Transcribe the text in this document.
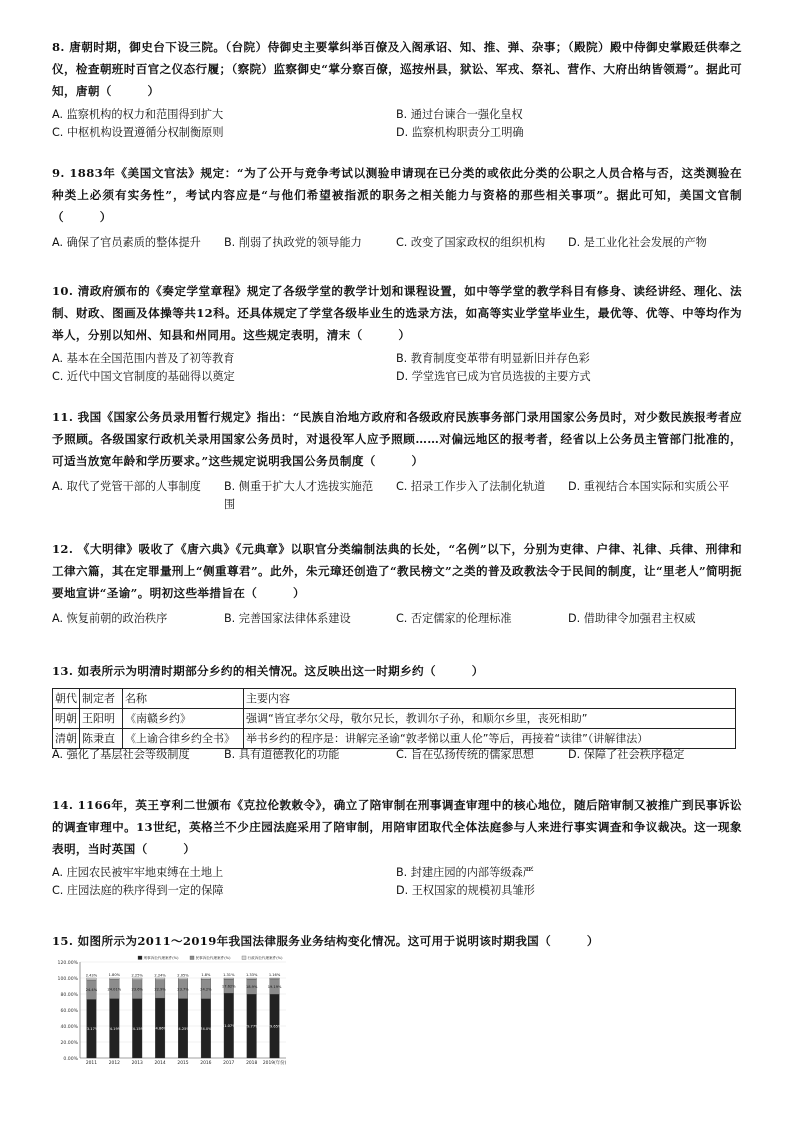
8. 唐朝时期，御史台下设三院。（台院）侍御史主要掌纠举百僚及入阁承诏、知、推、弹、杂事；（殿院）殿中侍御史掌殿廷供奉之仪，检查朝班时百官之仪态行履；（察院）监察御史“掌分察百僚，巡按州县，狱讼、军戎、祭礼、营作、大府出纳皆领焉”。据此可知，唐朝（　　　）

A. 监察机构的权力和范围得到扩大	B. 通过台谏合一强化皇权
C. 中枢机构设置遵循分权制衡原则	D. 监察机构职责分工明确

9. 1883年《美国文官法》规定：“为了公开与竞争考试以测验申请现在已分类的或依此分类的公职之人员合格与否，这类测验在种类上必须有实务性”，考试内容应是“与他们希望被指派的职务之相关能力与资格的那些相关事项”。据此可知，美国文官制（　　　）

A. 确保了官员素质的整体提升 B. 削弱了执政党的领导能力	C. 改变了国家政权的组织机构 D. 是工业化社会发展的产物

10. 清政府颁布的《奏定学堂章程》规定了各级学堂的教学计划和课程设置，如中等学堂的教学科目有修身、读经讲经、理化、法制、财政、图画及体操等共12科。还具体规定了学堂各级毕业生的选录方法，如高等实业学堂毕业生，最优等、优等、中等均作为举人，分别以知州、知县和州同用。这些规定表明，清末（　　　）

A. 基本在全国范围内普及了初等教育	B. 教育制度变革带有明显新旧并存色彩
C. 近代中国文官制度的基础得以奠定	D. 学堂选官已成为官员选拔的主要方式

11. 我国《国家公务员录用暂行规定》指出：“民族自治地方政府和各级政府民族事务部门录用国家公务员时，对少数民族报考者应予照顾。各级国家行政机关录用国家公务员时，对退役军人应予照顾……对偏远地区的报考者，经省以上公务员主管部门批准的，可适当放宽年龄和学历要求。”这些规定说明我国公务员制度（　　　）

A. 取代了党管干部的人事制度 B. 侧重于扩大人才选拔实施范围
C. 招录工作步入了法制化轨道 D. 重视结合本国实际和实质公平

12. 《大明律》吸收了《唐六典》《元典章》以职官分类编制法典的长处，“名例”以下，分别为吏律、户律、礼律、兵律、刑律和工律六篇，其在定罪量刑上“侧重尊君”。此外，朱元璋还创造了“教民榜文”之类的普及政教法令于民间的制度，让“里老人”简明扼要地宣讲“圣谕”。明初这些举措旨在（　　　）

A. 恢复前朝的政治秩序	B. 完善国家法律体系建设	C. 否定儒家的伦理标准	D. 借助律令加强君主权威

13. 如表所示为明清时期部分乡约的相关情况。这反映出这一时期乡约（　　　）

朝代	制定者	名称	主要内容
明朝	王阳明	《南赣乡约》	强调“皆宜孝尔父母，敬尔兄长，教训尔子孙，和顺尔乡里，丧死相助”
清朝	陈秉直	《上谕合律乡约全书》	举书乡约的程序是：讲解完圣谕“敦孝悌以重人伦”等后，再接着“读律”（讲解律法）
A. 强化了基层社会等级制度	B. 具有道德教化的功能	C. 旨在弘扬传统的儒家思想	D. 保障了社会秩序稳定

14. 1166年，英王亨利二世颁布《克拉伦敦敕令》，确立了陪审制在刑事调查审理中的核心地位，随后陪审制又被推广到民事诉讼的调查审理中。13世纪，英格兰不少庄园法庭采用了陪审制，用陪审团取代全体法庭参与人来进行事实调查和争议裁决。这一现象表明，当时英国（　　　）

A. 庄园农民被牢牢地束缚在土地上	B. 封建庄园的内部等级森严
C. 庄园法庭的秩序得到一定的保障	D. 王权国家的规模初具雏形

15. 如图所示为2011～2019年我国法律服务业务结构变化情况。这可用于说明该时期我国（　　　）

0.00%
20.00%
40.00%
60.00%
80.00%
100.00%
120.00%
刑事诉讼代理案件(%)	民事诉讼代理案件(%)	行政诉讼代理案件(%)
73.17%
24.4%
2.43%
2011
74.19%
24.01%
1.80%
2012
74.15%
23.6%
2.25%
2013
74.86%
22.9%
2.24%
2014
74.25%
23.7%
2.05%
2015
74.0%
24.2%
1.8%
2016
81.07%
17.62%
1.31%
2017
79.77%
18.9%
1.33%
2018
79.65%
19.19%
1.16%
2019(年份)
